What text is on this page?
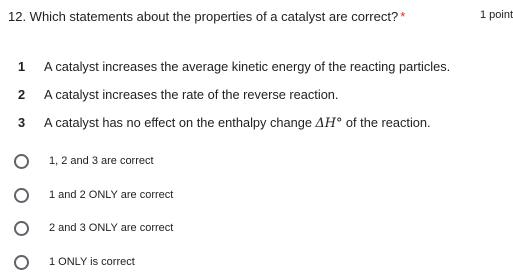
12. Which statements about the properties of a catalyst are correct? *	1 point
1 A catalyst increases the average kinetic energy of the reacting particles.
2 A catalyst increases the rate of the reverse reaction.
3 A catalyst has no effect on the enthalpy change ΔH° of the reaction.
1, 2 and 3 are correct
1 and 2 ONLY are correct
2 and 3 ONLY are correct
1 ONLY is correct
